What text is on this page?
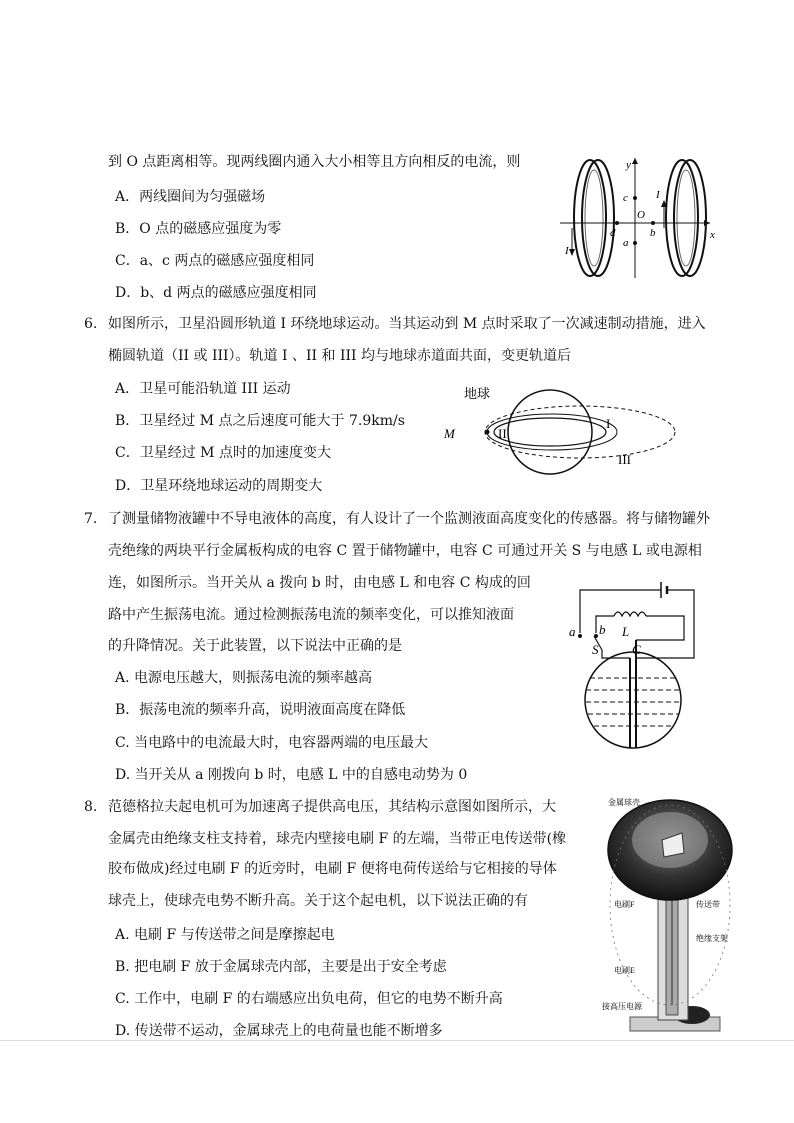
到 O 点距离相等。现两线圈内通入大小相等且方向相反的电流，则
A．两线圈间为匀强磁场
B．O 点的磁感应强度为零
C．a、c 两点的磁感应强度相同
D．b、d 两点的磁感应强度相同
y
x
c
O
d	b
a
I
I
6. 如图所示，卫星沿圆形轨道 I 环绕地球运动。当其运动到 M 点时采取了一次减速制动措施，进入
椭圆轨道（II 或 III）。轨道 I 、II 和 III 均与地球赤道面共面，变更轨道后
A．卫星可能沿轨道 III 运动
B．卫星经过 M 点之后速度可能大于 7.9km/s
C．卫星经过 M 点时的加速度变大
D．卫星环绕地球运动的周期变大
地球
M	II
I
III
7. 了测量储物液罐中不导电液体的高度，有人设计了一个监测液面高度变化的传感器。将与储物罐外
壳绝缘的两块平行金属板构成的电容 C 置于储物罐中，电容 C 可通过开关 S 与电感 L 或电源相
连，如图所示。当开关从 a 拨向 b 时，由电感 L 和电容 C 构成的回
路中产生振荡电流。通过检测振荡电流的频率变化，可以推知液面
的升降情况。关于此装置，以下说法中正确的是
A. 电源电压越大，则振荡电流的频率越高
B．振荡电流的频率升高，说明液面高度在降低
C. 当电路中的电流最大时，电容器两端的电压最大
D. 当开关从 a 刚拨向 b 时，电感 L 中的自感电动势为 0
a b L
S	C
8. 范德格拉夫起电机可为加速离子提供高电压，其结构示意图如图所示，大
金属壳由绝缘支柱支持着，球壳内壁接电刷 F 的左端，当带正电传送带(橡
胶布做成)经过电刷 F 的近旁时，电刷 F 便将电荷传送给与它相接的导体
球壳上，使球壳电势不断升高。关于这个起电机，以下说法正确的有
A. 电刷 F 与传送带之间是摩擦起电
B. 把电刷 F 放于金属球壳内部，主要是出于安全考虑
C. 工作中，电刷 F 的右端感应出负电荷，但它的电势不断升高
D. 传送带不运动，金属球壳上的电荷量也能不断增多
金属球壳
电刷F	传送带
绝缘支架
电刷E
接高压电源
